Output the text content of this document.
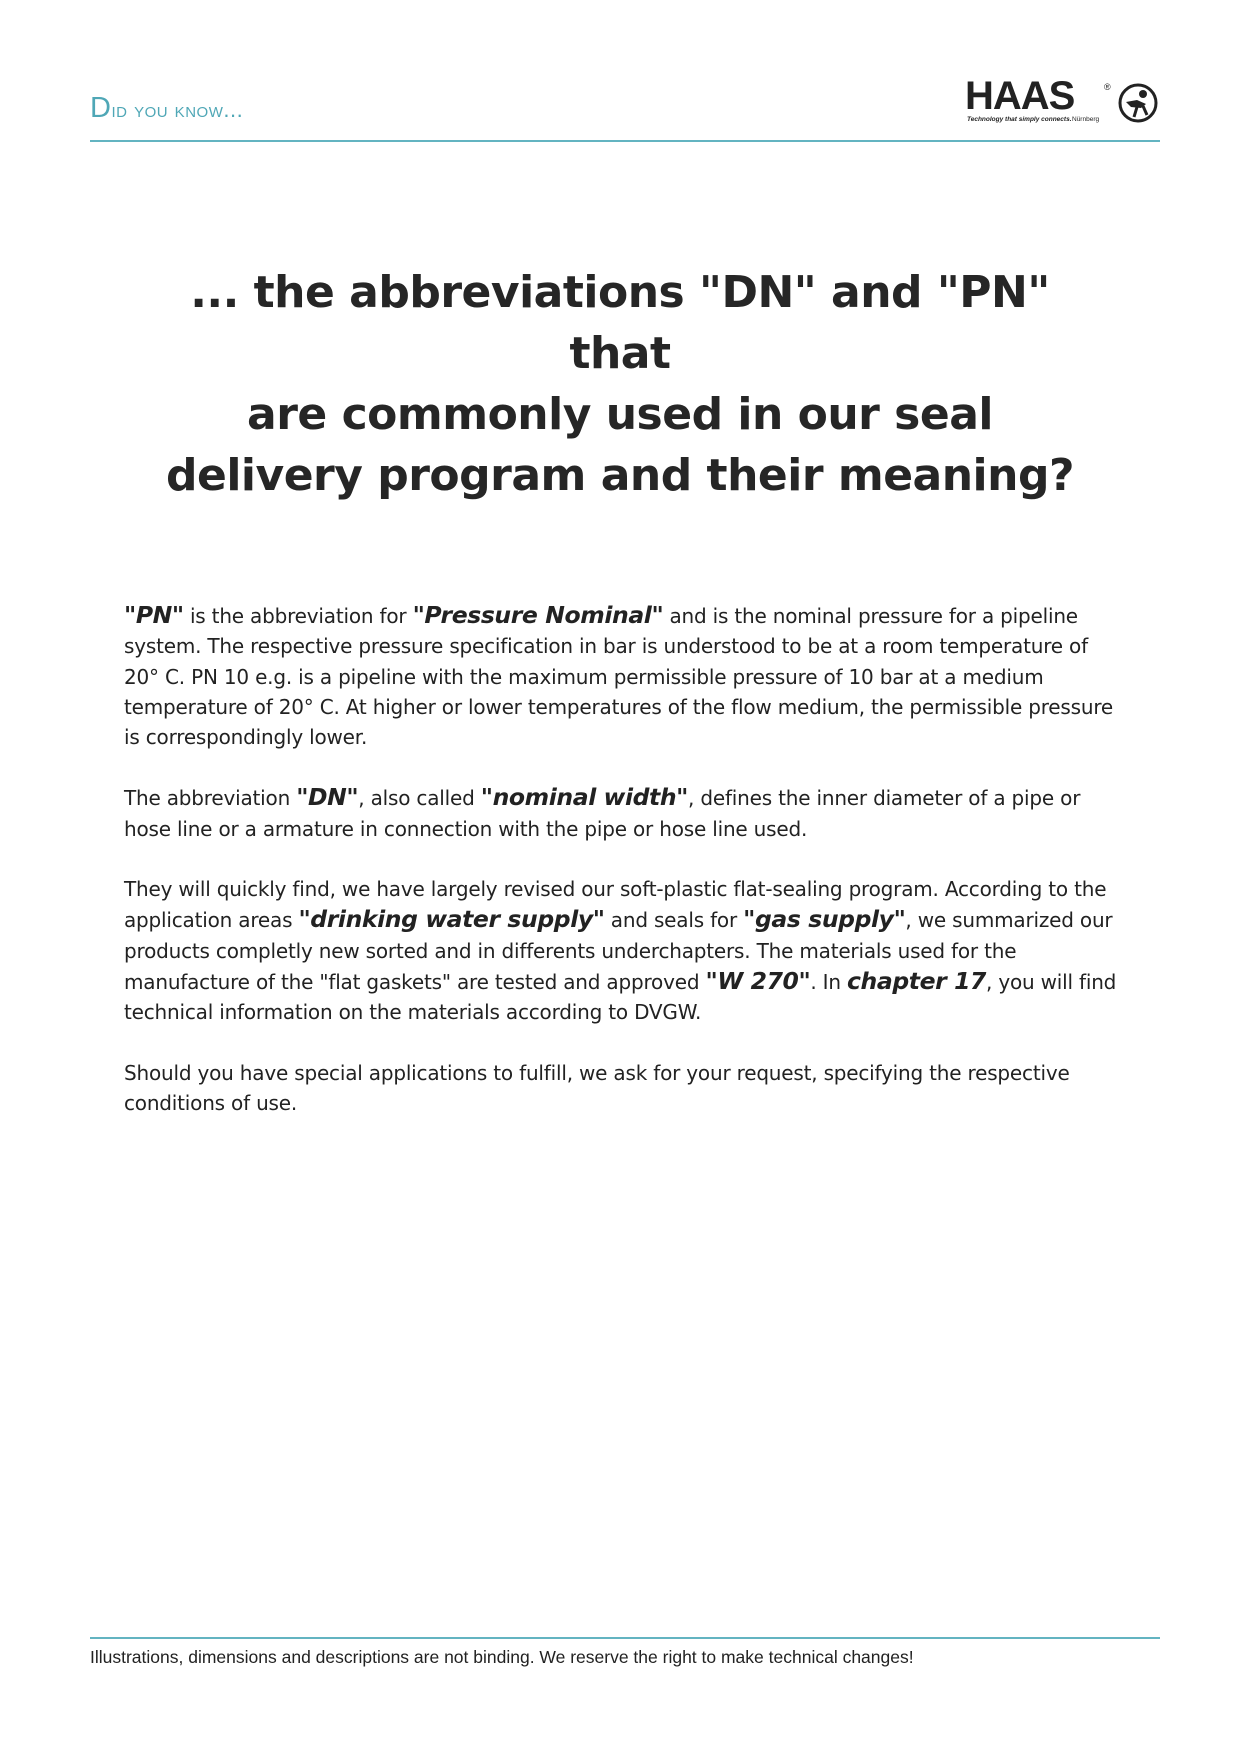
Did you know...	HAAS	®
Technology that simply connects. Nürnberg
... the abbreviations "DN" and "PN" that
are commonly used in our seal
delivery program and their meaning?

"PN" is the abbreviation for "Pressure Nominal" and is the nominal pressure for a pipeline system. The respective pressure specification in bar is understood to be at a room temperature of 20° C. PN 10 e.g. is a pipeline with the maximum permissible pressure of 10 bar at a medium temperature of 20° C. At higher or lower temperatures of the flow medium, the permissible pressure is correspondingly lower.

The abbreviation "DN", also called "nominal width", defines the inner diameter of a pipe or hose line or a armature in connection with the pipe or hose line used.

They will quickly find, we have largely revised our soft-plastic flat-sealing program. According to the application areas "drinking water supply" and seals for "gas supply", we summarized our products completly new sorted and in differents underchapters. The materials used for the manufacture of the "flat gaskets" are tested and approved "W 270". In chapter 17, you will find technical information on the materials according to DVGW.

Should you have special applications to fulfill, we ask for your request, specifying the respective conditions of use.

Illustrations, dimensions and descriptions are not binding. We reserve the right to make technical changes!
